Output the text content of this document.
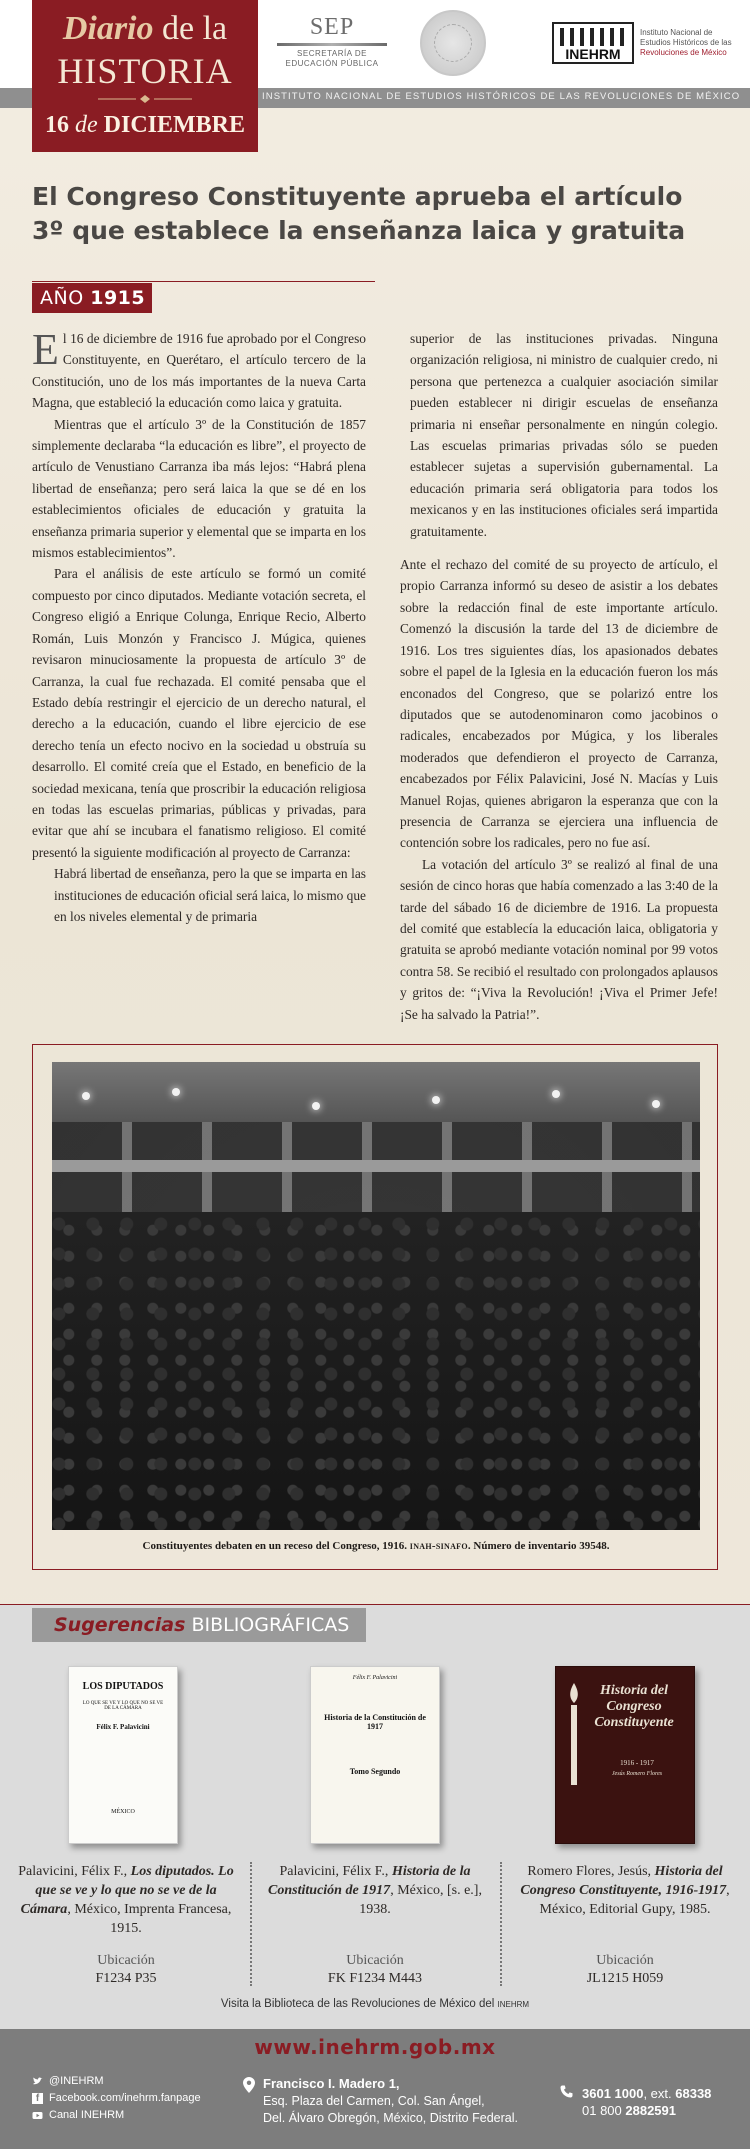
INSTITUTO NACIONAL DE ESTUDIOS HISTÓRICOS DE LAS REVOLUCIONES DE MÉXICO
Diario de la
HISTORIA
16 de DICIEMBRE
SEP
SECRETARÍA DE
EDUCACIÓN PÚBLICA
INEHRM
Instituto Nacional de
Estudios Históricos de las
Revoluciones de México
El Congreso Constituyente aprueba el artículo 3º que establece la enseñanza laica y gratuita
AÑO 1915

El 16 de diciembre de 1916 fue aprobado por el Congreso Constituyente, en Querétaro, el artículo tercero de la Constitución, uno de los más importantes de la nueva Carta Magna, que estableció la educación como laica y gratuita.

Mientras que el artículo 3º de la Constitución de 1857 simplemente declaraba “la educación es libre”, el proyecto de artículo de Venustiano Carranza iba más lejos: “Habrá plena libertad de enseñanza; pero será laica la que se dé en los establecimientos oficiales de educación y gratuita la enseñanza primaria superior y elemental que se imparta en los mismos establecimientos”.

Para el análisis de este artículo se formó un comité compuesto por cinco diputados. Mediante votación secreta, el Congreso eligió a Enrique Colunga, Enrique Recio, Alberto Román, Luis Monzón y Francisco J. Múgica, quienes revisaron minuciosamente la propuesta de artículo 3º de Carranza, la cual fue rechazada. El comité pensaba que el Estado debía restringir el ejercicio de un derecho natural, el derecho a la educación, cuando el libre ejercicio de ese derecho tenía un efecto nocivo en la sociedad u obstruía su desarrollo. El comité creía que el Estado, en beneficio de la sociedad mexicana, tenía que proscribir la educación religiosa en todas las escuelas primarias, públicas y privadas, para evitar que ahí se incubara el fanatismo religioso. El comité presentó la siguiente modificación al proyecto de Carranza:

Habrá libertad de enseñanza, pero la que se imparta en las instituciones de educación oficial será laica, lo mismo que en los niveles elemental y de primaria

superior de las instituciones privadas. Ninguna organización religiosa, ni ministro de cualquier credo, ni persona que pertenezca a cualquier asociación similar pueden establecer ni dirigir escuelas de enseñanza primaria ni enseñar personalmente en ningún colegio. Las escuelas primarias privadas sólo se pueden establecer sujetas a supervisión gubernamental. La educación primaria será obligatoria para todos los mexicanos y en las instituciones oficiales será impartida gratuitamente.

Ante el rechazo del comité de su proyecto de artículo, el propio Carranza informó su deseo de asistir a los debates sobre la redacción final de este importante artículo. Comenzó la discusión la tarde del 13 de diciembre de 1916. Los tres siguientes días, los apasionados debates sobre el papel de la Iglesia en la educación fueron los más enconados del Congreso, que se polarizó entre los diputados que se autodenominaron como jacobinos o radicales, encabezados por Múgica, y los liberales moderados que defendieron el proyecto de Carranza, encabezados por Félix Palavicini, José N. Macías y Luis Manuel Rojas, quienes abrigaron la esperanza que con la presencia de Carranza se ejerciera una influencia de contención sobre los radicales, pero no fue así.

La votación del artículo 3º se realizó al final de una sesión de cinco horas que había comenzado a las 3:40 de la tarde del sábado 16 de diciembre de 1916. La propuesta del comité que establecía la educación laica, obligatoria y gratuita se aprobó mediante votación nominal por 99 votos contra 58. Se recibió el resultado con prolongados aplausos y gritos de: “¡Viva la Revolución! ¡Viva el Primer Jefe! ¡Se ha salvado la Patria!”.

Constituyentes debaten en un receso del Congreso, 1916. inah-sinafo. Número de inventario 39548.
Sugerencias BIBLIOGRÁFICAS
LOS DIPUTADOS
LO QUE SE VE Y LO QUE NO SE VE DE LA CÁMARA
Félix F. Palavicini
MÉXICO
Félix F. Palavicini
Historia de la Constitución de 1917
Tomo Segundo
Historia del Congreso Constituyente
1916 - 1917
Jesús Romero Flores
Palavicini, Félix F., Los diputados. Lo que se ve y lo que no se ve de la Cámara, México, Imprenta Francesa, 1915.
Palavicini, Félix F., Historia de la Constitución de 1917, México, [s. e.], 1938.
Romero Flores, Jesús, Historia del Congreso Constituyente, 1916-1917, México, Editorial Gupy, 1985.
Ubicación
F1234 P35
Ubicación
FK F1234 M443
Ubicación
JL1215 H059
Visita la Biblioteca de las Revoluciones de México del inehrm
www.inehrm.gob.mx
@INEHRM
f Facebook.com/inehrm.fanpage
Canal
INEHRM
Francisco I. Madero 1,
Esq. Plaza del Carmen, Col. San Ángel,
Del. Álvaro Obregón, México, Distrito Federal.
3601 1000, ext. 68338
01 800 2882591
